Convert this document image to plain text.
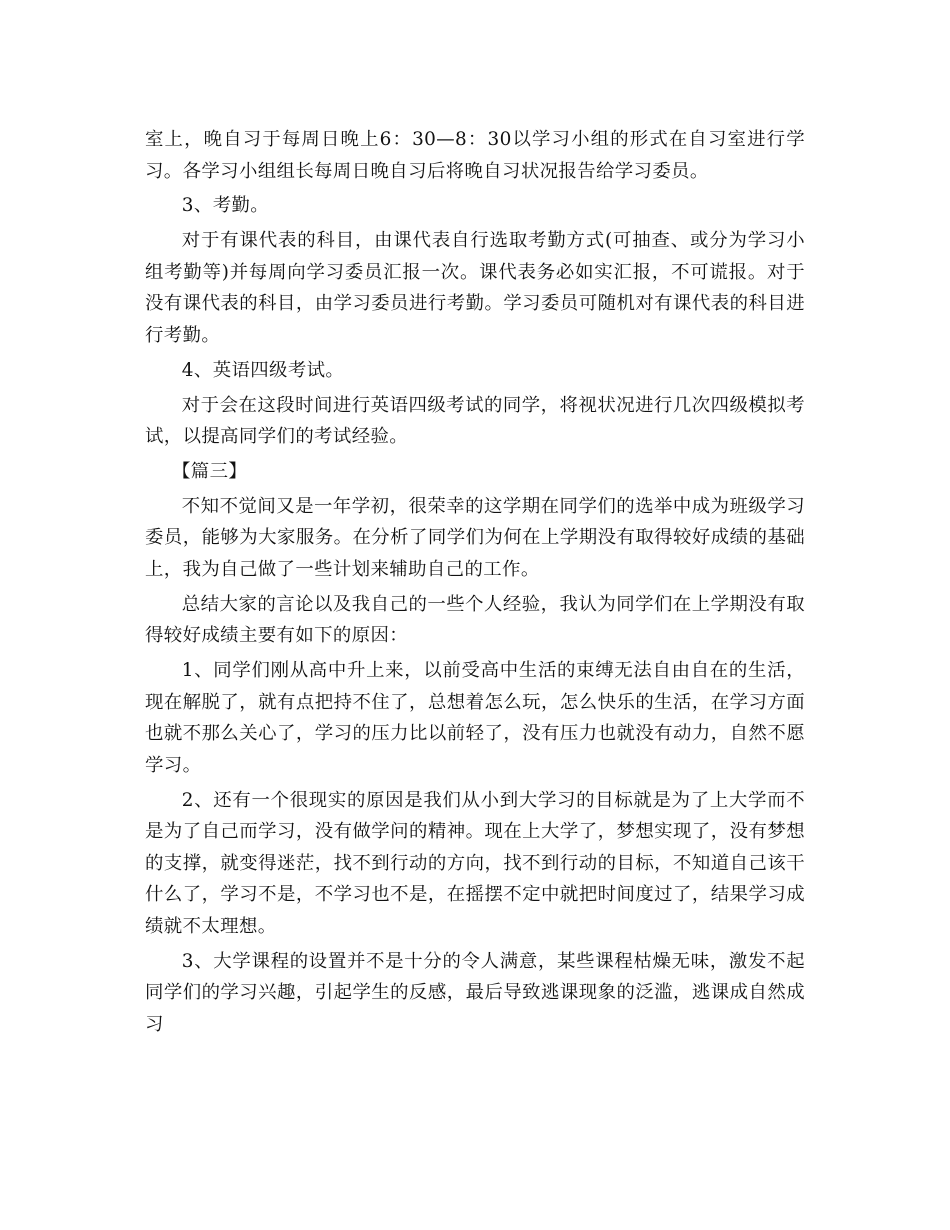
室上，晚自习于每周日晚上6：30—8：30以学习小组的形式在自习室进行学习。各学习小组组长每周日晚自习后将晚自习状况报告给学习委员。

3、考勤。

对于有课代表的科目，由课代表自行选取考勤方式(可抽查、或分为学习小组考勤等)并每周向学习委员汇报一次。课代表务必如实汇报，不可谎报。对于没有课代表的科目，由学习委员进行考勤。学习委员可随机对有课代表的科目进行考勤。

4、英语四级考试。

对于会在这段时间进行英语四级考试的同学，将视状况进行几次四级模拟考试，以提高同学们的考试经验。

【篇三】

不知不觉间又是一年学初，很荣幸的这学期在同学们的选举中成为班级学习委员，能够为大家服务。在分析了同学们为何在上学期没有取得较好成绩的基础上，我为自己做了一些计划来辅助自己的工作。

总结大家的言论以及我自己的一些个人经验，我认为同学们在上学期没有取得较好成绩主要有如下的原因：

1、同学们刚从高中升上来，以前受高中生活的束缚无法自由自在的生活，现在解脱了，就有点把持不住了，总想着怎么玩，怎么快乐的生活，在学习方面也就不那么关心了，学习的压力比以前轻了，没有压力也就没有动力，自然不愿学习。

2、还有一个很现实的原因是我们从小到大学习的目标就是为了上大学而不是为了自己而学习，没有做学问的精神。现在上大学了，梦想实现了，没有梦想的支撑，就变得迷茫，找不到行动的方向，找不到行动的目标，不知道自己该干什么了，学习不是，不学习也不是，在摇摆不定中就把时间度过了，结果学习成绩就不太理想。

3、大学课程的设置并不是十分的令人满意，某些课程枯燥无味，激发不起同学们的学习兴趣，引起学生的反感，最后导致逃课现象的泛滥，逃课成自然成习
